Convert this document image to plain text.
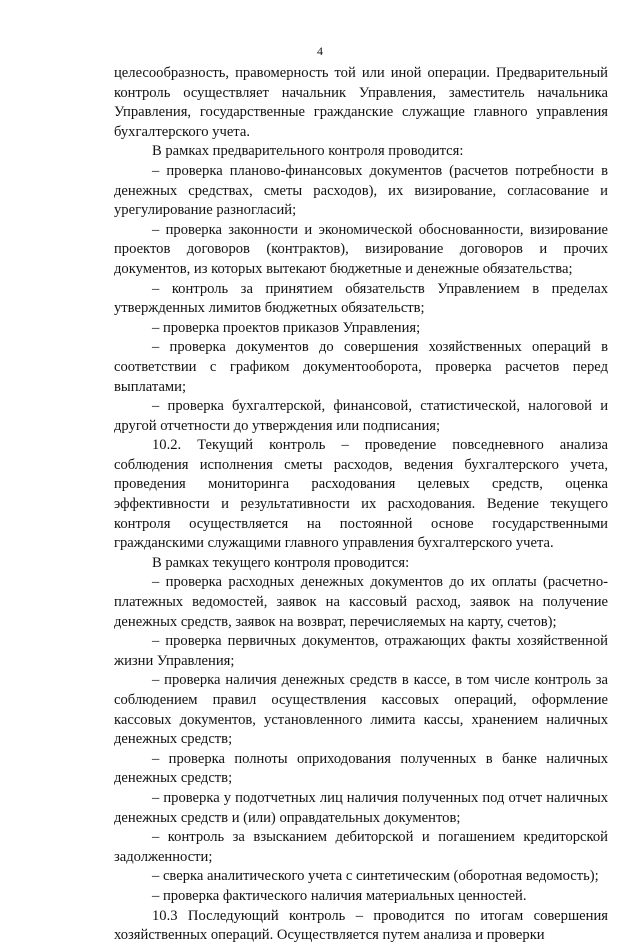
4

целесообразность, правомерность той или иной операции. Предварительный контроль осуществляет начальник Управления, заместитель начальника Управления, государственные гражданские служащие главного управления бухгалтерского учета.

В рамках предварительного контроля проводится:

– проверка планово-финансовых документов (расчетов потребности в денежных средствах, сметы расходов), их визирование, согласование и урегулирование разногласий;

– проверка законности и экономической обоснованности, визирование проектов договоров (контрактов), визирование договоров и прочих документов, из которых вытекают бюджетные и денежные обязательства;

– контроль за принятием обязательств Управлением в пределах утвержденных лимитов бюджетных обязательств;

– проверка проектов приказов Управления;

– проверка документов до совершения хозяйственных операций в соответствии с графиком документооборота, проверка расчетов перед выплатами;

– проверка бухгалтерской, финансовой, статистической, налоговой и другой отчетности до утверждения или подписания;

10.2. Текущий контроль – проведение повседневного анализа соблюдения исполнения сметы расходов, ведения бухгалтерского учета, проведения мониторинга расходования целевых средств, оценка эффективности и результативности их расходования. Ведение текущего контроля осуществляется на постоянной основе государственными гражданскими служащими главного управления бухгалтерского учета.

В рамках текущего контроля проводится:

– проверка расходных денежных документов до их оплаты (расчетно-платежных ведомостей, заявок на кассовый расход, заявок на получение денежных средств, заявок на возврат, перечисляемых на карту, счетов);

– проверка первичных документов, отражающих факты хозяйственной жизни Управления;

– проверка наличия денежных средств в кассе, в том числе контроль за соблюдением правил осуществления кассовых операций, оформление кассовых документов, установленного лимита кассы, хранением наличных денежных средств;

– проверка полноты оприходования полученных в банке наличных денежных средств;

– проверка у подотчетных лиц наличия полученных под отчет наличных денежных средств и (или) оправдательных документов;

– контроль за взысканием дебиторской и погашением кредиторской задолженности;

– сверка аналитического учета с синтетическим (оборотная ведомость);

– проверка фактического наличия материальных ценностей.

10.3 Последующий контроль – проводится по итогам совершения хозяйственных операций. Осуществляется путем анализа и проверки
